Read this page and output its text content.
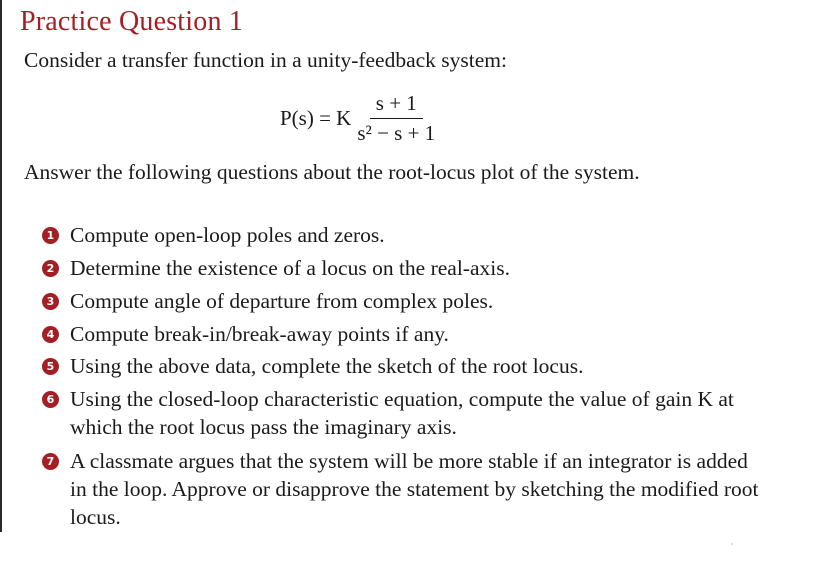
Practice Question 1
Consider a transfer function in a unity-feedback system:
P(s) = K $\frac{s + 1}{\text{s² − s + 1}}$
Answer the following questions about the root-locus plot of the system.
1 Compute open-loop poles and zeros.
2 Determine the existence of a locus on the real-axis.
3 Compute angle of departure from complex poles.
4 Compute break-in/break-away points if any.
5 Using the above data, complete the sketch of the root locus.
6 Using the closed-loop characteristic equation, compute the value of gain K at which the root locus pass the imaginary axis.
7 A classmate argues that the system will be more stable if an integrator is added in the loop. Approve or disapprove the statement by sketching the modified root locus.
